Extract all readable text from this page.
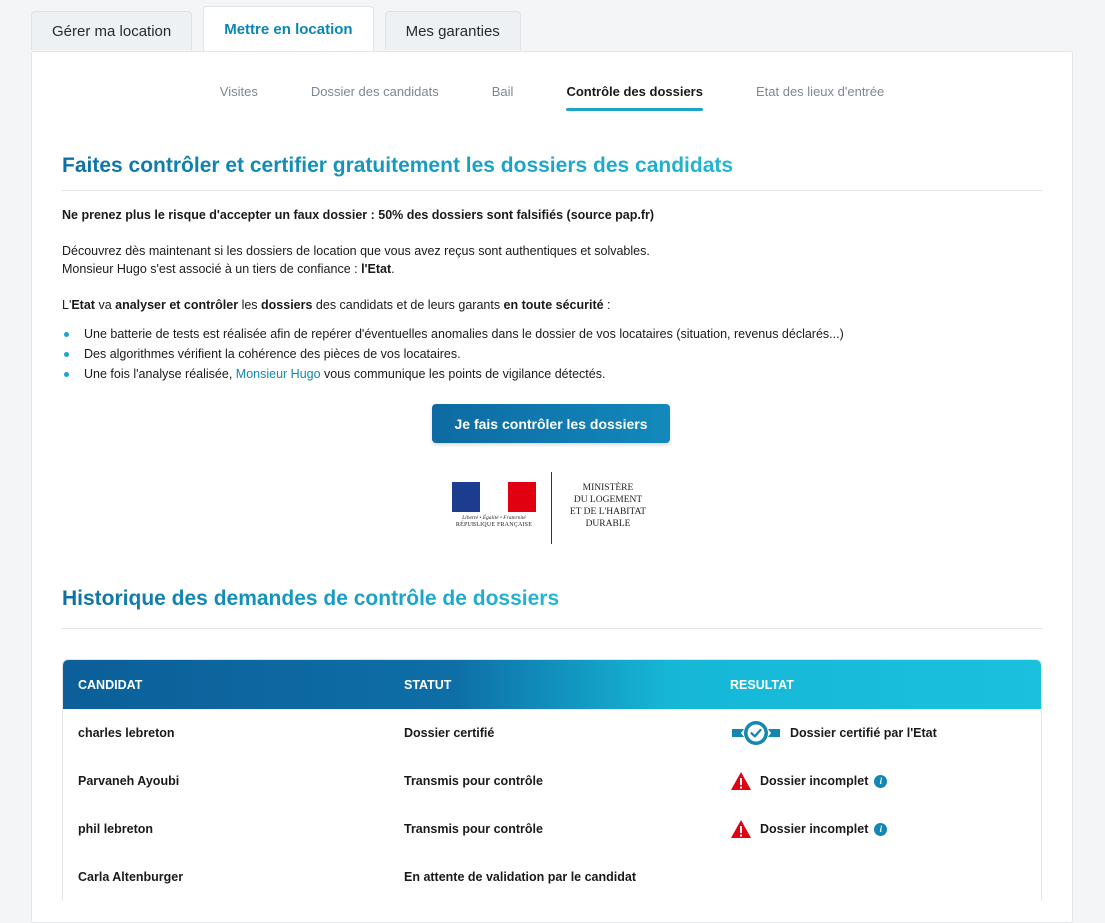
Gérer ma location	Mettre en location	Mes garanties
Visites	Dossier des candidats	Bail	Contrôle des dossiers	Etat des lieux d'entrée
Faites contrôler et certifier gratuitement les dossiers des candidats
Ne prenez plus le risque d'accepter un faux dossier : 50% des dossiers sont falsifiés (source pap.fr)
Découvrez dès maintenant si les dossiers de location que vous avez reçus sont authentiques et solvables.
Monsieur Hugo s'est associé à un tiers de confiance : l'Etat.
L'Etat va analyser et contrôler les dossiers des candidats et de leurs garants en toute sécurité :
Une batterie de tests est réalisée afin de repérer d'éventuelles anomalies dans le dossier de vos locataires (situation, revenus déclarés...)
Des algorithmes vérifient la cohérence des pièces de vos locataires.
Une fois l'analyse réalisée, Monsieur Hugo vous communique les points de vigilance détectés.
Je fais contrôler les dossiers
Liberté • Égalité • Fraternité
RÉPUBLIQUE FRANÇAISE
MINISTÈRE
DU LOGEMENT
ET DE L'HABITAT
DURABLE
Historique des demandes de contrôle de dossiers
CANDIDAT	STATUT	RESULTAT
charles lebreton	Dossier certifié	Dossier certifié par l'Etat
Parvaneh Ayoubi	Transmis pour contrôle	Dossier incomplet	i
phil lebreton	Transmis pour contrôle	Dossier incomplet	i
Carla Altenburger	En attente de validation par le candidat
